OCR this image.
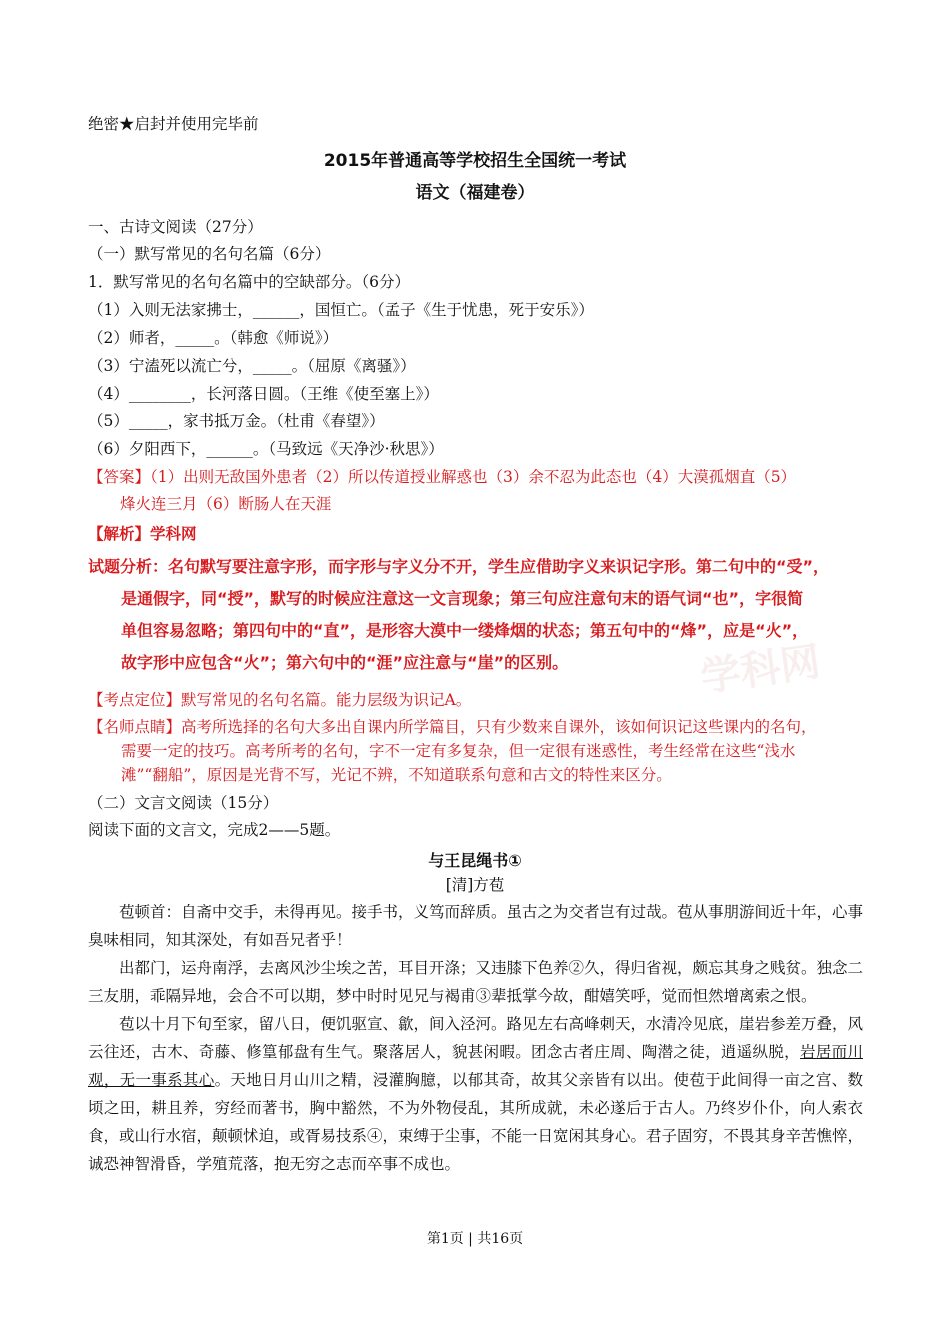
学科网
绝密★启封并使用完毕前
2015年普通高等学校招生全国统一考试
语文（福建卷）
一、古诗文阅读（27分）
（一）默写常见的名句名篇（6分）
1．默写常见的名句名篇中的空缺部分。（6分）
（1）入则无法家拂士，______，国恒亡。（孟子《生于忧患，死于安乐》）
（2）师者，_____。（韩愈《师说》）
（3）宁溘死以流亡兮，_____。（屈原《离骚》）
（4）________，长河落日圆。（王维《使至塞上》）
（5）_____，家书抵万金。（杜甫《春望》）
（6）夕阳西下，______。（马致远《天净沙·秋思》）
【答案】（1）出则无敌国外患者（2）所以传道授业解惑也（3）余不忍为此态也（4）大漠孤烟直（5）
烽火连三月（6）断肠人在天涯
【解析】学科网
试题分析：名句默写要注意字形，而字形与字义分不开，学生应借助字义来识记字形。第二句中的“受”，
是通假字，同“授”，默写的时候应注意这一文言现象；第三句应注意句末的语气词“也”，字很简
单但容易忽略；第四句中的“直”，是形容大漠中一缕烽烟的状态；第五句中的“烽”，应是“火”，
故字形中应包含“火”；第六句中的“涯”应注意与“崖”的区别。
【考点定位】默写常见的名句名篇。能力层级为识记A。
【名师点睛】高考所选择的名句大多出自课内所学篇目，只有少数来自课外，该如何识记这些课内的名句，
需要一定的技巧。高考所考的名句，字不一定有多复杂，但一定很有迷惑性，考生经常在这些“浅水
滩”“翻船”，原因是光背不写，光记不辨，不知道联系句意和古文的特性来区分。
（二）文言文阅读（15分）
阅读下面的文言文，完成2——5题。
与王昆绳书①
[清]方苞

苞顿首：自斋中交手，未得再见。接手书，义笃而辞质。虽古之为交者岂有过哉。苞从事朋游间近十年，心事臭味相同，知其深处，有如吾兄者乎！

出都门，运舟南浮，去离风沙尘埃之苦，耳目开涤；又违膝下色养②久，得归省视，颇忘其身之贱贫。独念二三友朋，乖隔异地，会合不可以期，梦中时时见兄与褐甫③辈抵掌今故，酣嬉笑呼，觉而怛然增离索之恨。

苞以十月下旬至家，留八日，便饥驱宣、歙，间入泾河。路见左右高峰刺天，水清冷见底，崖岩参差万叠，风云往还，古木、奇藤、修篁郁盘有生气。聚落居人，貌甚闲暇。团念古者庄周、陶潜之徒，逍遥纵脱，岩居而川观，无一事系其心。天地日月山川之精，浸灌胸臆，以郁其奇，故其父亲皆有以出。使苞于此间得一亩之宫、数顷之田，耕且养，穷经而著书，胸中豁然，不为外物侵乱，其所成就，未必遂后于古人。乃终岁仆仆，向人索衣食，或山行水宿，颠顿怵迫，或胥易技系④，束缚于尘事，不能一日宽闲其身心。君子固穷，不畏其身辛苦憔悴，诚恐神智滑昏，学殖荒落，抱无穷之志而卒事不成也。

第1页 | 共16页
